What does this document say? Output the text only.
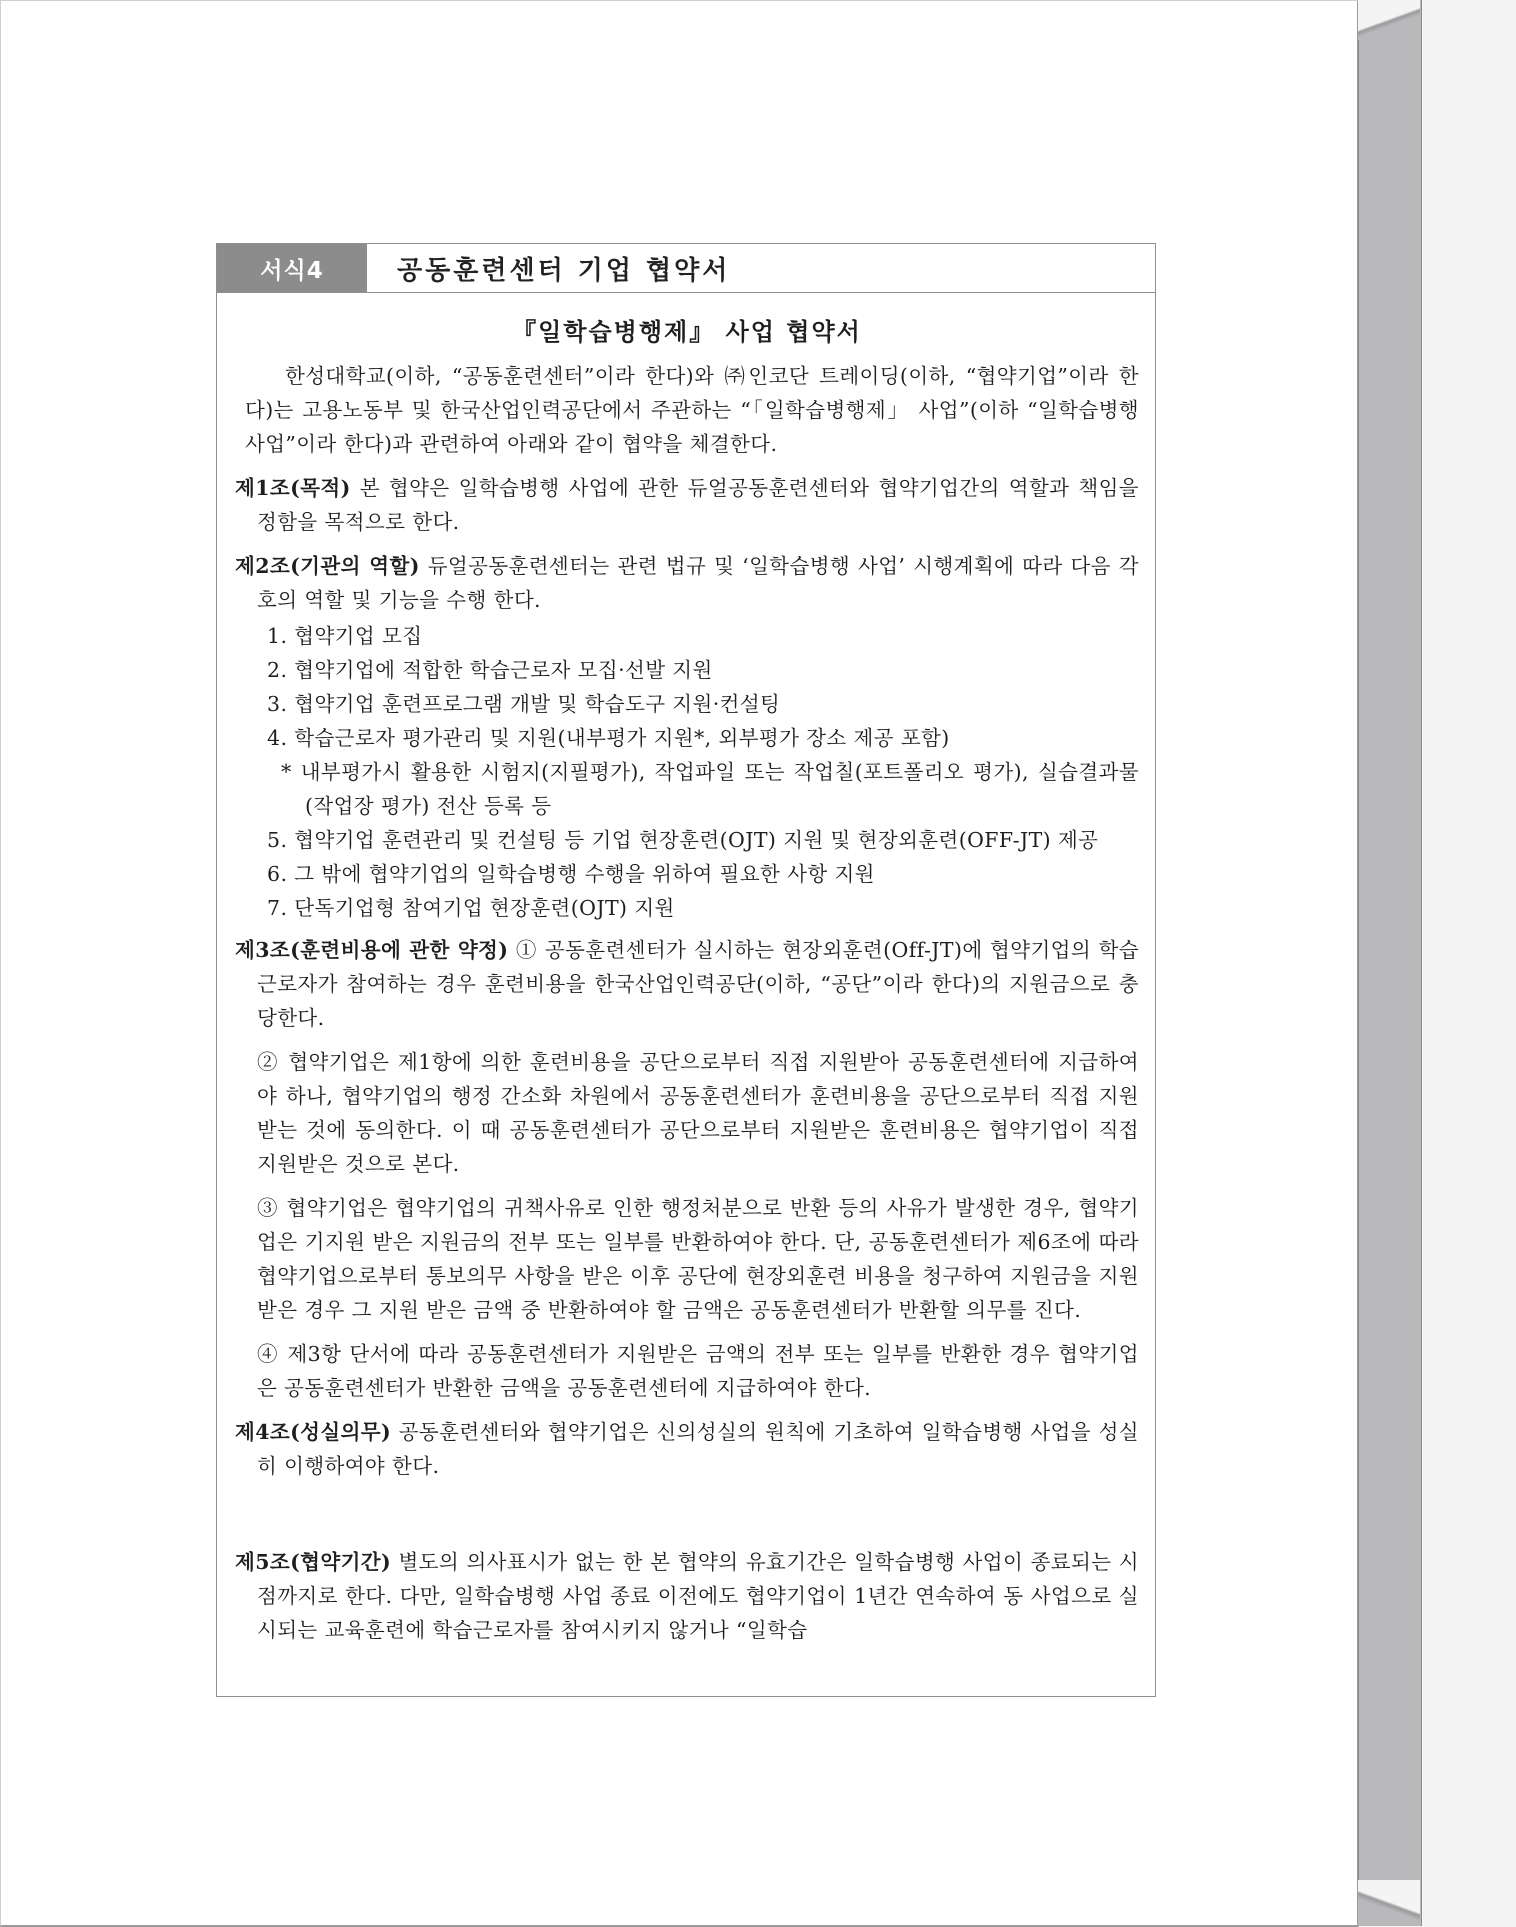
서식4	공동훈련센터 기업 협약서
『일학습병행제』 사업 협약서

한성대학교(이하, “공동훈련센터”이라 한다)와 ㈜인코단 트레이딩(이하, “협약기업”이라 한다)는 고용노동부 및 한국산업인력공단에서 주관하는 “「일학습병행제」 사업”(이하 “일학습병행 사업”이라 한다)과 관련하여 아래와 같이 협약을 체결한다.

제1조(목적) 본 협약은 일학습병행 사업에 관한 듀얼공동훈련센터와 협약기업간의 역할과 책임을 정함을 목적으로 한다.

제2조(기관의 역할) 듀얼공동훈련센터는 관련 법규 및 ‘일학습병행 사업’ 시행계획에 따라 다음 각 호의 역할 및 기능을 수행 한다.

1. 협약기업 모집
2. 협약기업에 적합한 학습근로자 모집·선발 지원
3. 협약기업 훈련프로그램 개발 및 학습도구 지원·컨설팅
4. 학습근로자 평가관리 및 지원(내부평가 지원*, 외부평가 장소 제공 포함)

* 내부평가시 활용한 시험지(지필평가), 작업파일 또는 작업칠(포트폴리오 평가), 실습결과물(작업장 평가) 전산 등록 등

5. 협약기업 훈련관리 및 컨설팅 등 기업 현장훈련(OJT) 지원 및 현장외훈련(OFF-JT) 제공
6. 그 밖에 협약기업의 일학습병행 수행을 위하여 필요한 사항 지원
7. 단독기업형 참여기업 현장훈련(OJT) 지원

제3조(훈련비용에 관한 약정) ① 공동훈련센터가 실시하는 현장외훈련(Off-JT)에 협약기업의 학습근로자가 참여하는 경우 훈련비용을 한국산업인력공단(이하, “공단”이라 한다)의 지원금으로 충당한다.

② 협약기업은 제1항에 의한 훈련비용을 공단으로부터 직접 지원받아 공동훈련센터에 지급하여야 하나, 협약기업의 행정 간소화 차원에서 공동훈련센터가 훈련비용을 공단으로부터 직접 지원받는 것에 동의한다. 이 때 공동훈련센터가 공단으로부터 지원받은 훈련비용은 협약기업이 직접 지원받은 것으로 본다.

③ 협약기업은 협약기업의 귀책사유로 인한 행정처분으로 반환 등의 사유가 발생한 경우, 협약기업은 기지원 받은 지원금의 전부 또는 일부를 반환하여야 한다. 단, 공동훈련센터가 제6조에 따라 협약기업으로부터 통보의무 사항을 받은 이후 공단에 현장외훈련 비용을 청구하여 지원금을 지원 받은 경우 그 지원 받은 금액 중 반환하여야 할 금액은 공동훈련센터가 반환할 의무를 진다.

④ 제3항 단서에 따라 공동훈련센터가 지원받은 금액의 전부 또는 일부를 반환한 경우 협약기업은 공동훈련센터가 반환한 금액을 공동훈련센터에 지급하여야 한다.

제4조(성실의무) 공동훈련센터와 협약기업은 신의성실의 원칙에 기초하여 일학습병행 사업을 성실히 이행하여야 한다.

제5조(협약기간) 별도의 의사표시가 없는 한 본 협약의 유효기간은 일학습병행 사업이 종료되는 시점까지로 한다. 다만, 일학습병행 사업 종료 이전에도 협약기업이 1년간 연속하여 동 사업으로 실시되는 교육훈련에 학습근로자를 참여시키지 않거나 “일학습
